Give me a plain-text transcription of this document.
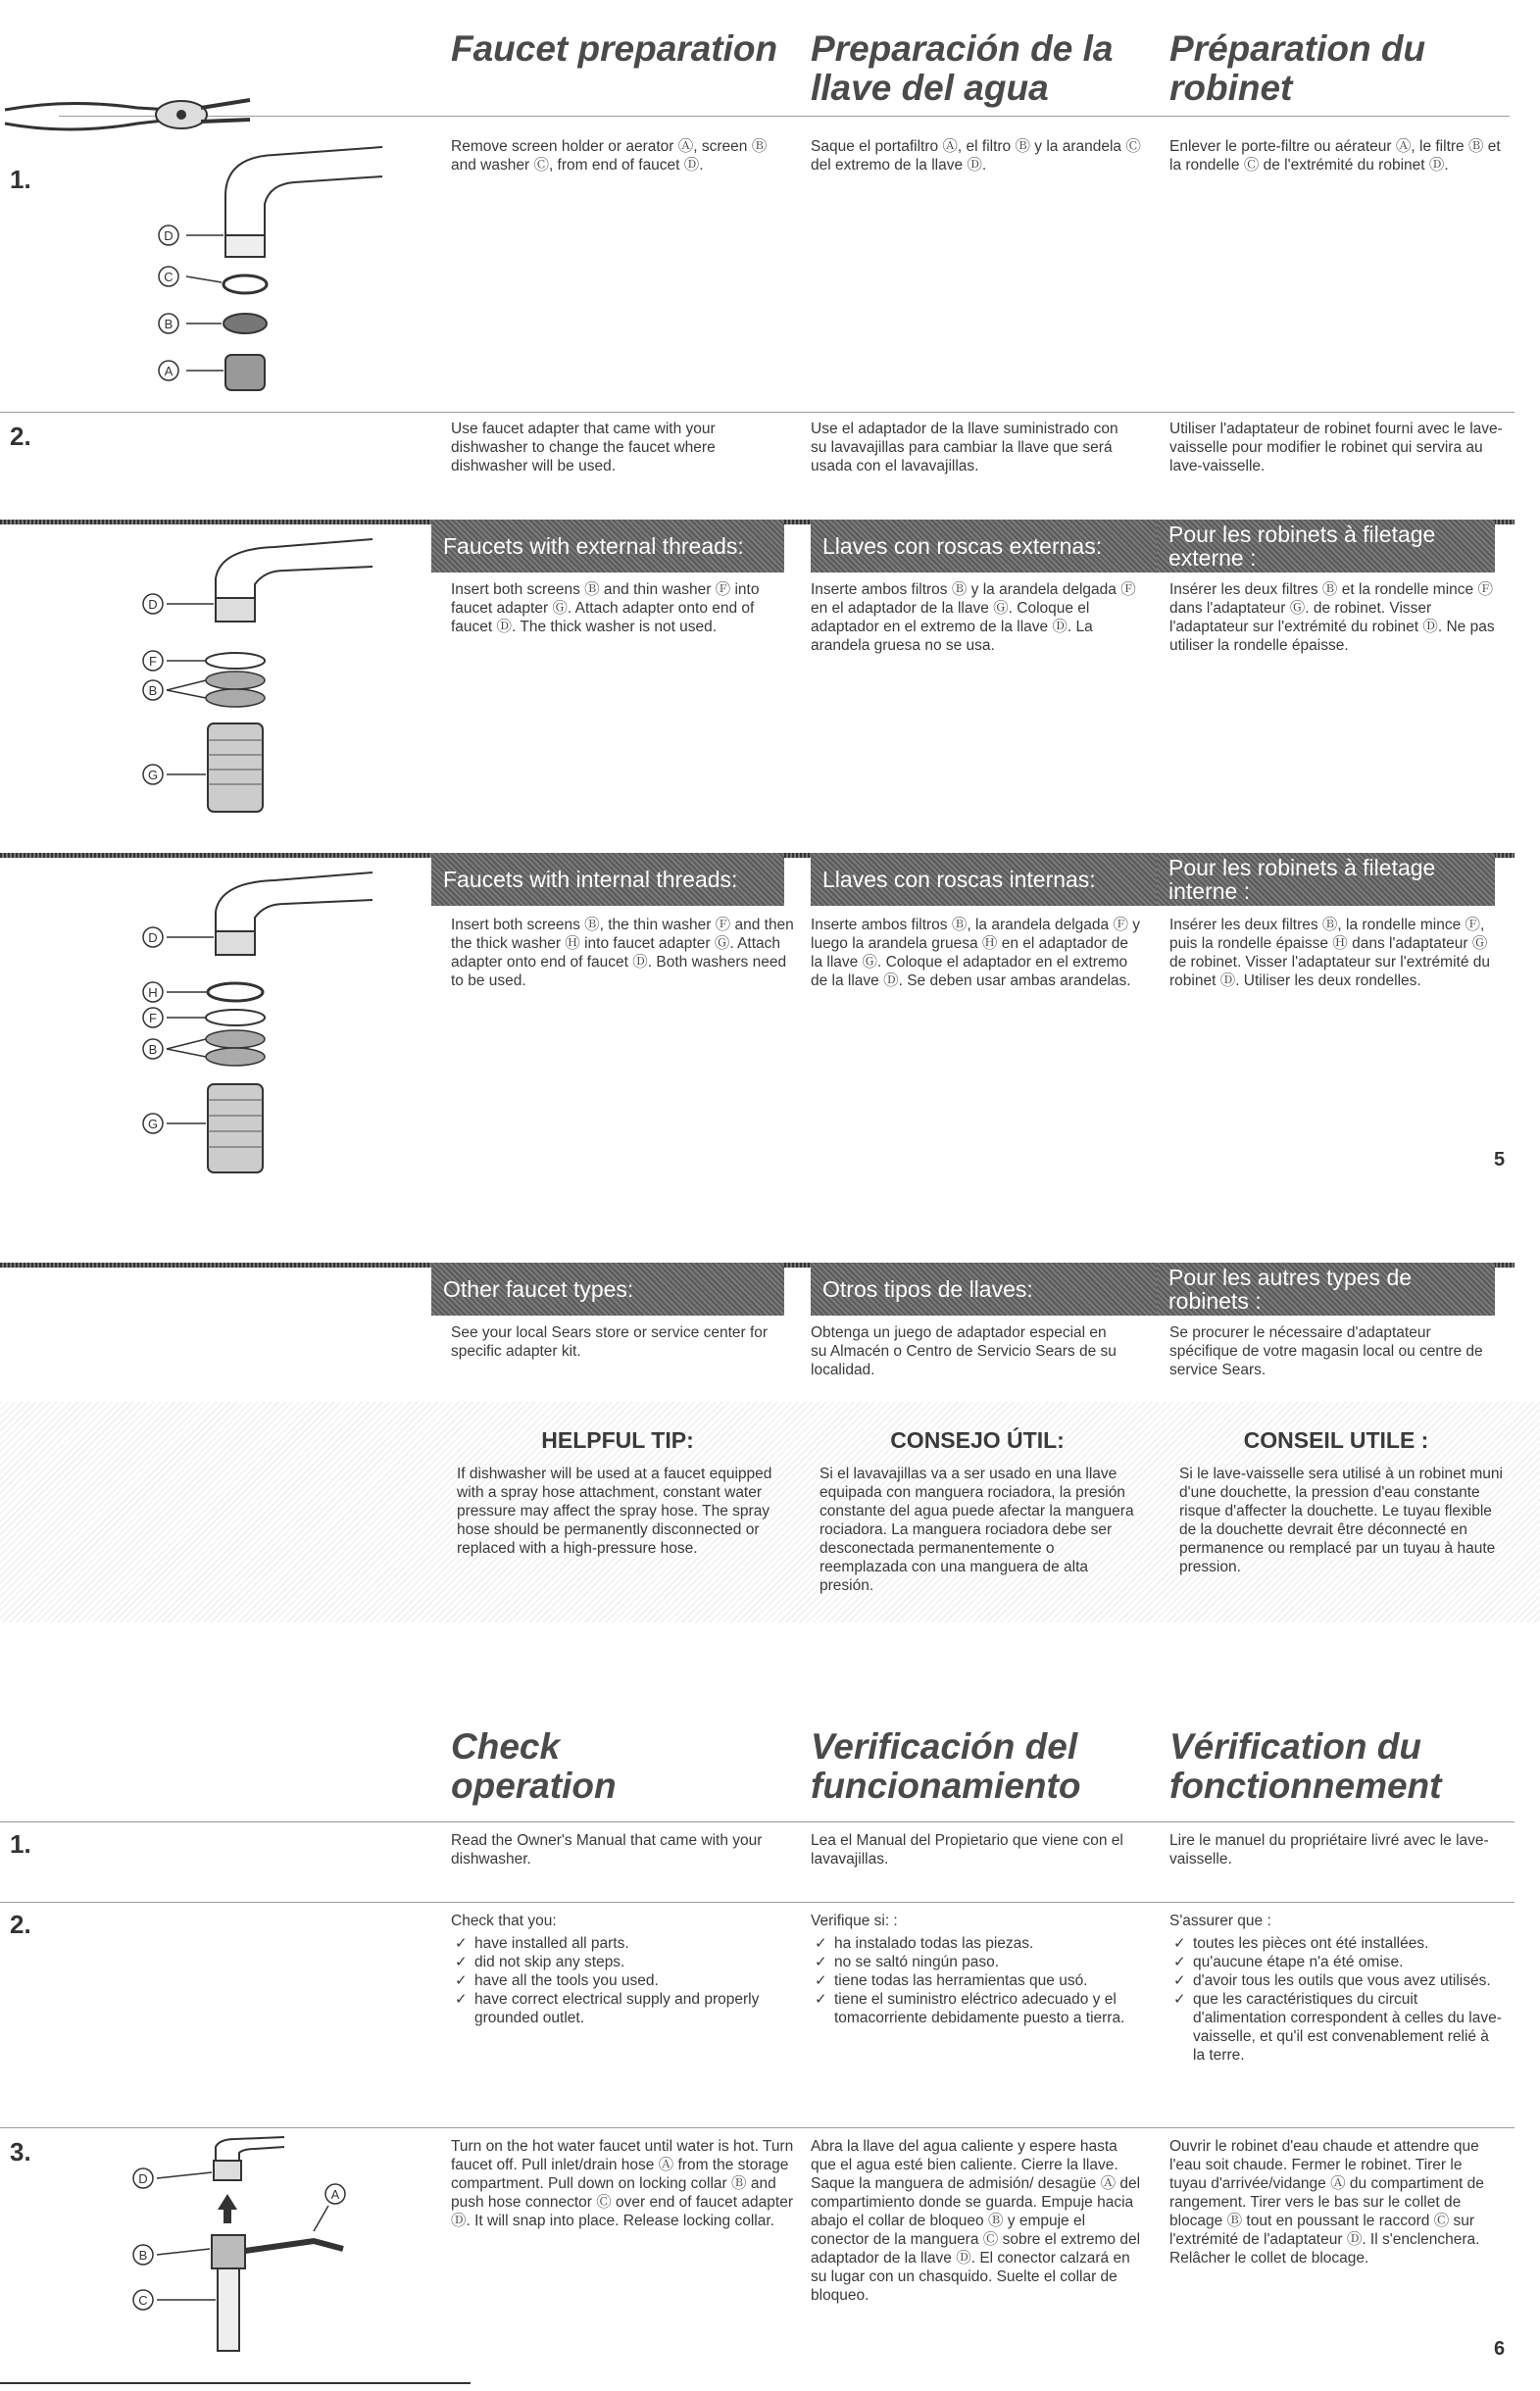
Faucet preparation Preparación de la llave del agua
Préparation du robinet
1.
D
C
B
A
Remove screen holder or aerator Ⓐ, screen Ⓑ and washer Ⓒ, from end of faucet Ⓓ.
Saque el portafiltro Ⓐ, el filtro Ⓑ y la arandela Ⓒ del extremo de la llave Ⓓ.
Enlever le porte-filtre ou aérateur Ⓐ, le filtre Ⓑ et la rondelle Ⓒ de l'extrémité du robinet Ⓓ.
2.	Use faucet adapter that came with your dishwasher to change the faucet where dishwasher will be used.
Use el adaptador de la llave suministrado con su lavavajillas para cambiar la llave que será usada con el lavavajillas.
Utiliser l'adaptateur de robinet fourni avec le lave-vaisselle pour modifier le robinet qui servira au lave-vaisselle.
Faucets with external threads:	Llaves con roscas externas:	Pour les robinets à filetage externe :
D
F
B
G
Insert both screens Ⓑ and thin washer Ⓕ into faucet adapter Ⓖ. Attach adapter onto end of faucet Ⓓ. The thick washer is not used.
Inserte ambos filtros Ⓑ y la arandela delgada Ⓕ en el adaptador de la llave Ⓖ. Coloque el adaptador en el extremo de la llave Ⓓ. La arandela gruesa no se usa.
Insérer les deux filtres Ⓑ et la rondelle mince Ⓕ dans l'adaptateur Ⓖ. de robinet. Visser l'adaptateur sur l'extrémité du robinet Ⓓ. Ne pas utiliser la rondelle épaisse.
Faucets with internal threads:	Llaves con roscas internas:	Pour les robinets à filetage interne :
D
H
F
B
G
Insert both screens Ⓑ, the thin washer Ⓕ and then the thick washer Ⓗ into faucet adapter Ⓖ. Attach adapter onto end of faucet Ⓓ. Both washers need to be used.
Inserte ambos filtros Ⓑ, la arandela delgada Ⓕ y luego la arandela gruesa Ⓗ en el adaptador de la llave Ⓖ. Coloque el adaptador en el extremo de la llave Ⓓ. Se deben usar ambas arandelas.
Insérer les deux filtres Ⓑ, la rondelle mince Ⓕ, puis la rondelle épaisse Ⓗ dans l'adaptateur Ⓖ de robinet. Visser l'adaptateur sur l'extrémité du robinet Ⓓ. Utiliser les deux rondelles.
5
Other faucet types:	Otros tipos de llaves:	Pour les autres types de robinets :
See your local Sears store or service center for specific adapter kit.
Obtenga un juego de adaptador especial en su Almacén o Centro de Servicio Sears de su localidad.
Se procurer le nécessaire d'adaptateur spécifique de votre magasin local ou centre de service Sears.
HELPFUL TIP:	CONSEJO ÚTIL:	CONSEIL UTILE :
If dishwasher will be used at a faucet equipped with a spray hose attachment, constant water pressure may affect the spray hose. The spray hose should be permanently disconnected or replaced with a high-pressure hose.
Si el lavavajillas va a ser usado en una llave equipada con manguera rociadora, la presión constante del agua puede afectar la manguera rociadora. La manguera rociadora debe ser desconectada permanentemente o reemplazada con una manguera de alta presión.
Si le lave-vaisselle sera utilisé à un robinet muni d'une douchette, la pression d'eau constante risque d'affecter la douchette. Le tuyau flexible de la douchette devrait être déconnecté en permanence ou remplacé par un tuyau à haute pression.
Check operation
Verificación del funcionamiento
Vérification du fonctionnement
1.	Read the Owner's Manual that came with your dishwasher.
Lea el Manual del Propietario que viene con el lavavajillas.
Lire le manuel du propriétaire livré avec le lave-vaisselle.
2.	Check that you:
✓ have installed all parts.
✓ did not skip any steps.
✓ have all the tools you used.
✓ have correct electrical supply and properly grounded outlet.
Verifique si: :
✓ ha instalado todas las piezas.
✓ no se saltó ningún paso.
✓ tiene todas las herramientas que usó.
✓ tiene el suministro eléctrico adecuado y el tomacorriente debidamente puesto a tierra.
S'assurer que :
✓ toutes les pièces ont été installées.
✓ qu'aucune étape n'a été omise.
✓ d'avoir tous les outils que vous avez utilisés.
✓ que les caractéristiques du circuit d'alimentation correspondent à celles du lave-vaisselle, et qu'il est convenablement relié à la terre.
3.
D
A
B
C
Turn on the hot water faucet until water is hot. Turn faucet off. Pull inlet/drain hose Ⓐ from the storage compartment. Pull down on locking collar Ⓑ and push hose connector Ⓒ over end of faucet adapter Ⓓ. It will snap into place. Release locking collar.
Abra la llave del agua caliente y espere hasta que el agua esté bien caliente. Cierre la llave. Saque la manguera de admisión/ desagüe Ⓐ del compartimiento donde se guarda. Empuje hacia abajo el collar de bloqueo Ⓑ y empuje el conector de la manguera Ⓒ sobre el extremo del adaptador de la llave Ⓓ. El conector calzará en su lugar con un chasquido. Suelte el collar de bloqueo.
Ouvrir le robinet d'eau chaude et attendre que l'eau soit chaude. Fermer le robinet. Tirer le tuyau d'arrivée/vidange Ⓐ du compartiment de rangement. Tirer vers le bas sur le collet de blocage Ⓑ tout en poussant le raccord Ⓒ sur l'extrémité de l'adaptateur Ⓓ. Il s'enclenchera. Relâcher le collet de blocage.
6
